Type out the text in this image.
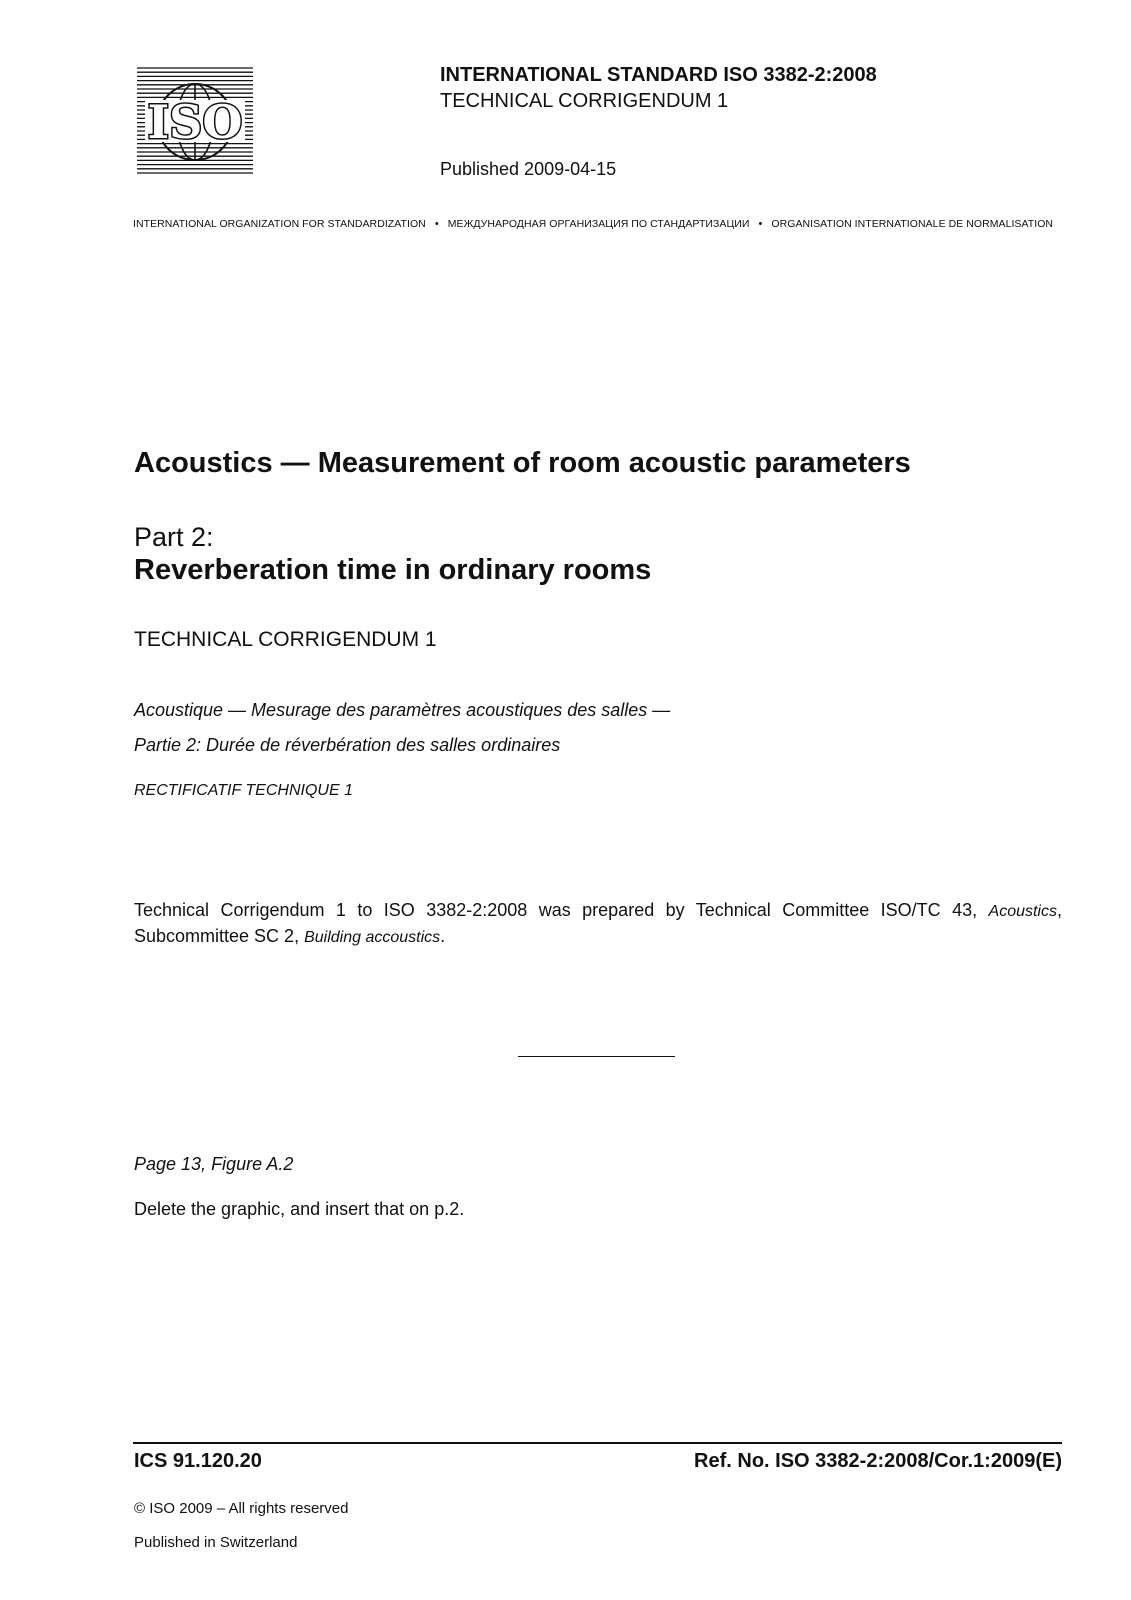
ISO
INTERNATIONAL STANDARD ISO 3382-2:2008
TECHNICAL CORRIGENDUM 1
Published 2009-04-15
INTERNATIONAL ORGANIZATION FOR STANDARDIZATION • МЕЖДУНАРОДНАЯ ОРГАНИЗАЦИЯ ПО СТАНДАРТИЗАЦИИ • ORGANISATION INTERNATIONALE DE NORMALISATION
Acoustics — Measurement of room acoustic parameters
Part 2:
Reverberation time in ordinary rooms
TECHNICAL CORRIGENDUM 1
Acoustique — Mesurage des paramètres acoustiques des salles —
Partie 2: Durée de réverbération des salles ordinaires
RECTIFICATIF TECHNIQUE 1
Technical Corrigendum 1 to ISO 3382-2:2008 was prepared by Technical Committee ISO/TC 43, Acoustics, Subcommittee SC 2, Building accoustics.
Page 13, Figure A.2
Delete the graphic, and insert that on p.2.
ICS 91.120.20	Ref. No. ISO 3382-2:2008/Cor.1:2009(E)
© ISO 2009 – All rights reserved
Published in Switzerland
